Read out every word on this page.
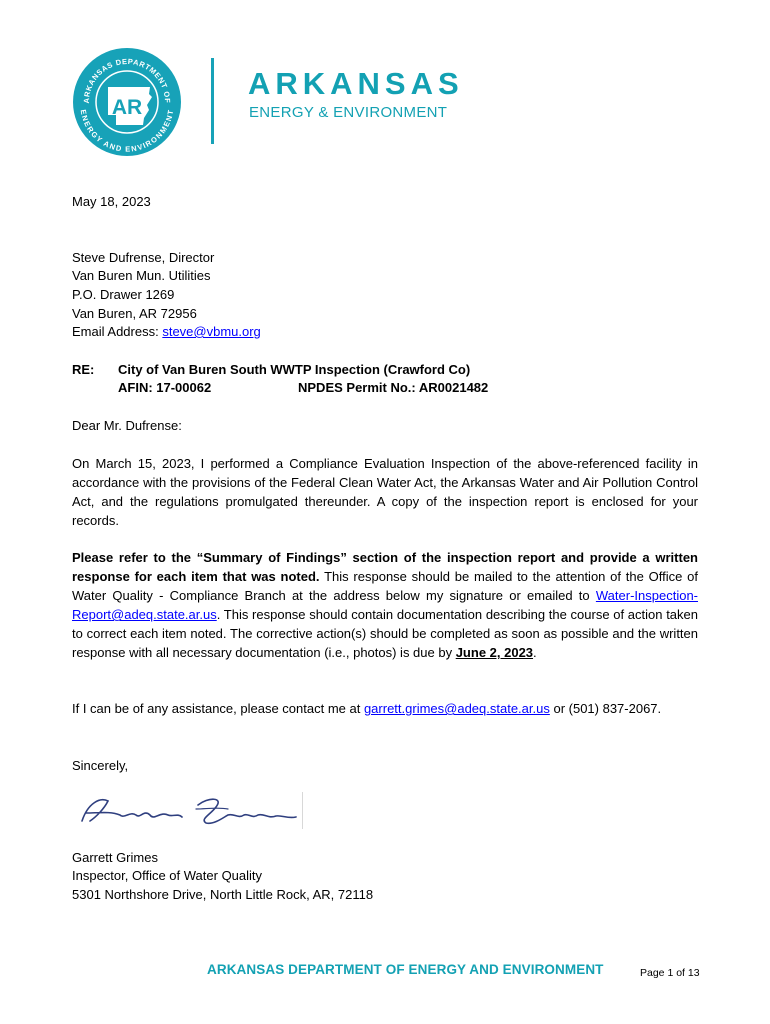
ARKANSAS DEPARTMENT OF
ENERGY AND ENVIRONMENT
AR
ARKANSAS
ENERGY & ENVIRONMENT
May 18, 2023
Steve Dufrense, Director
Van Buren Mun. Utilities
P.O. Drawer 1269
Van Buren, AR 72956
Email Address: steve@vbmu.org
RE: City of Van Buren South WWTP Inspection (Crawford Co)
AFIN: 17-00062	NPDES Permit No.: AR0021482
Dear Mr. Dufrense:
On March 15, 2023, I performed a Compliance Evaluation Inspection of the above-referenced facility in accordance with the provisions of the Federal Clean Water Act, the Arkansas Water and Air Pollution Control Act, and the regulations promulgated thereunder. A copy of the inspection report is enclosed for your records.
Please refer to the “Summary of Findings” section of the inspection report and provide a written response for each item that was noted. This response should be mailed to the attention of the Office of Water Quality - Compliance Branch at the address below my signature or emailed to Water-Inspection-Report@adeq.state.ar.us. This response should contain documentation describing the course of action taken to correct each item noted. The corrective action(s) should be completed as soon as possible and the written response with all necessary documentation (i.e., photos) is due by June 2, 2023.
If I can be of any assistance, please contact me at garrett.grimes@adeq.state.ar.us or (501) 837-2067.
Sincerely,
Garrett Grimes
Inspector, Office of Water Quality
5301 Northshore Drive, North Little Rock, AR, 72118
ARKANSAS DEPARTMENT OF ENERGY AND ENVIRONMENT	Page 1 of 13
